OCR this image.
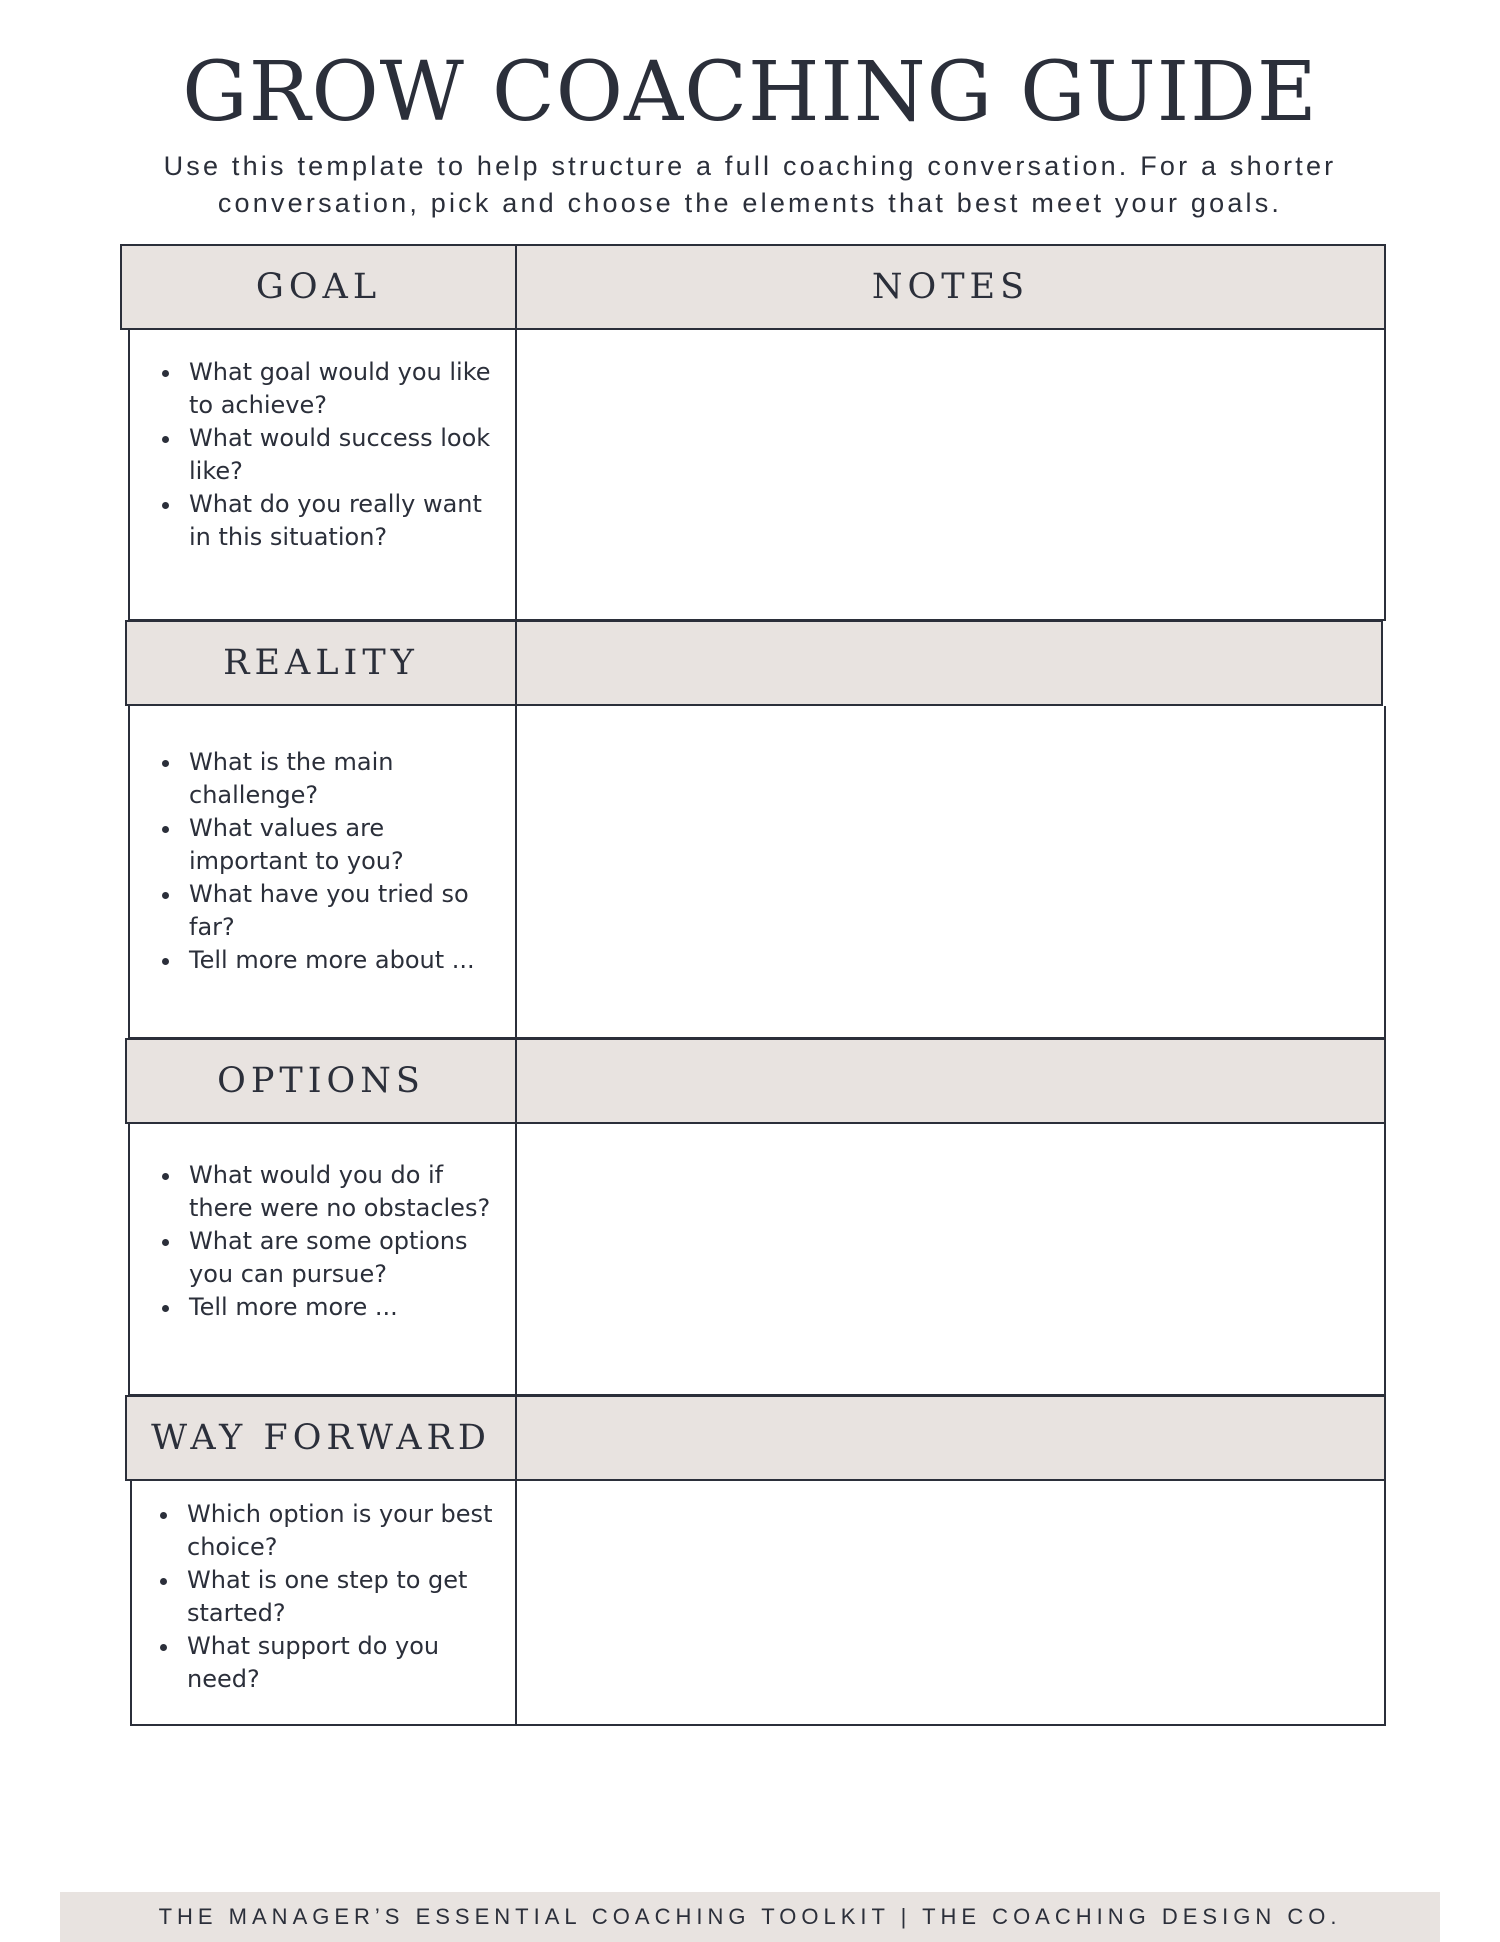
GROW COACHING GUIDE

Use this template to help structure a full coaching conversation. For a shorter conversation, pick and choose the elements that best meet your goals.

GOAL	NOTES
What goal would you like to achieve?
What would success look like?
What do you really want in this situation?
REALITY
What is the main challenge?
What values are important to you?
What have you tried so far?
Tell more more about ...
OPTIONS
What would you do if there were no obstacles?
What are some options you can pursue?
Tell more more ...
WAY FORWARD
Which option is your best choice?
What is one step to get started?
What support do you need?
THE MANAGER’S ESSENTIAL COACHING TOOLKIT | THE COACHING DESIGN CO.
